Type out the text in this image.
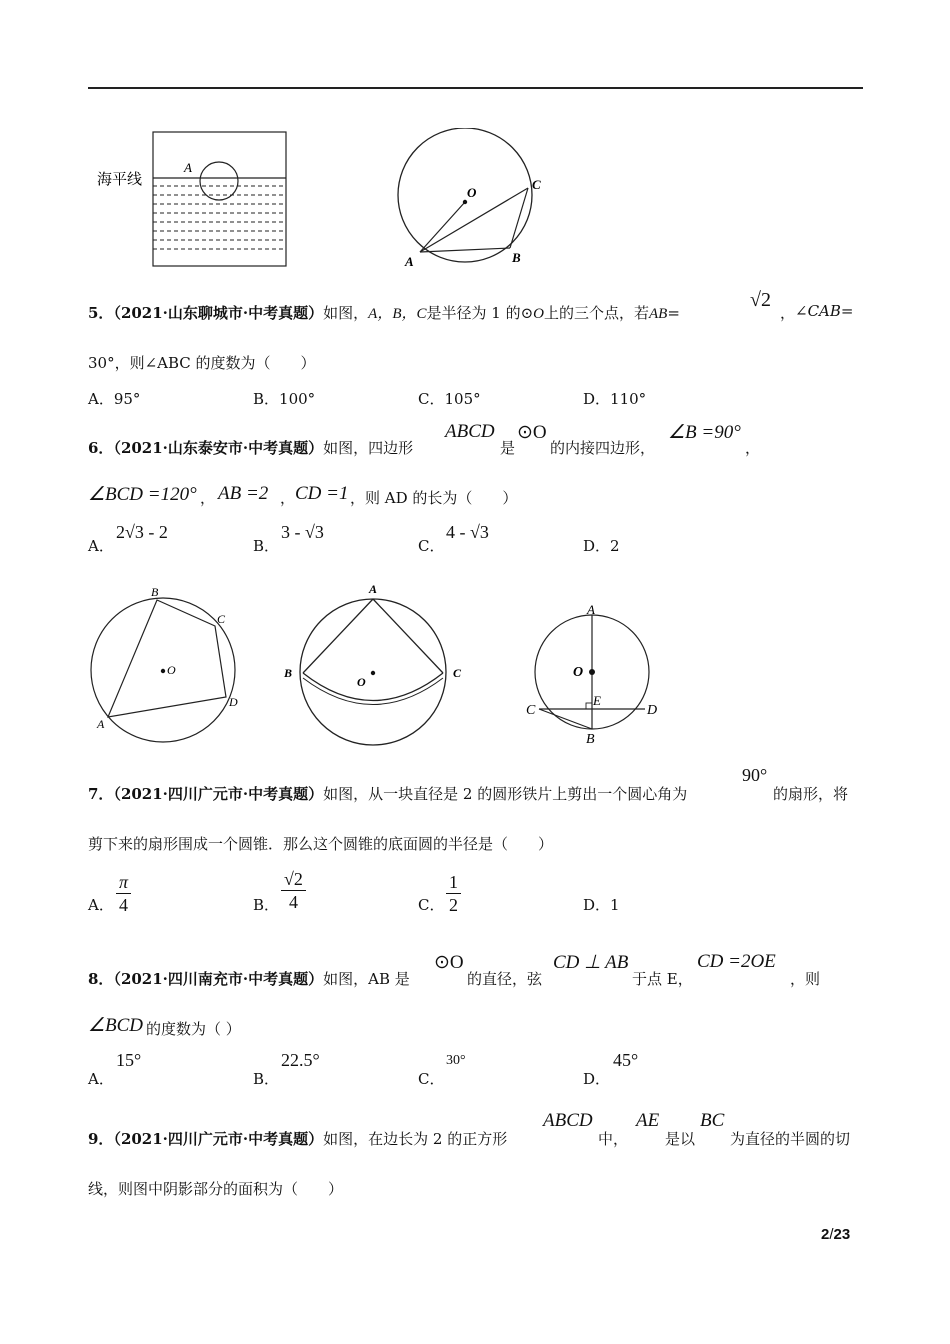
海平线
A
O
A	B
C
5．（2021·山东聊城市·中考真题）如图，A，B，C是半径为 1 的⊙O上的三个点，若AB=
√2
， ∠CAB=
30°，则∠ABC 的度数为（　　）
A．95°	B．100°	C．105°	D．110°
6．（2021·山东泰安市·中考真题）如图，四边形
ABCD
是
⊙O
的内接四边形，
∠B =90°
，
∠BCD =120° ， AB =2 ， CD =1 ，则 AD 的长为（　　）
A．
2√3 - 2
B．
3 - √3
C．
4 - √3
D．2
O
B
C
D
A
A
B	C
O
A
O
E
C	D
B
7．（2021·四川广元市·中考真题）如图，从一块直径是 2 的圆形铁片上剪出一个圆心角为
90°
的扇形，将
剪下来的扇形围成一个圆锥．那么这个圆锥的底面圆的半径是（　　）
A． $\frac{\pi}{4}$	B． $\frac{√2}{4}$	C． $\frac{1}{2}$	D．1
8．（2021·四川南充市·中考真题）如图，AB 是
⊙O
的直径，弦
CD ⊥ AB
于点 E，
CD =2OE
，则
∠BCD 的度数为（ ）
A．
15°
B．
22.5°
C．
30°
D．
45°
9．（2021·四川广元市·中考真题）如图，在边长为 2 的正方形
ABCD
中，
AE
是以
BC
为直径的半圆的切
线，则图中阴影部分的面积为（　　）
2/23
